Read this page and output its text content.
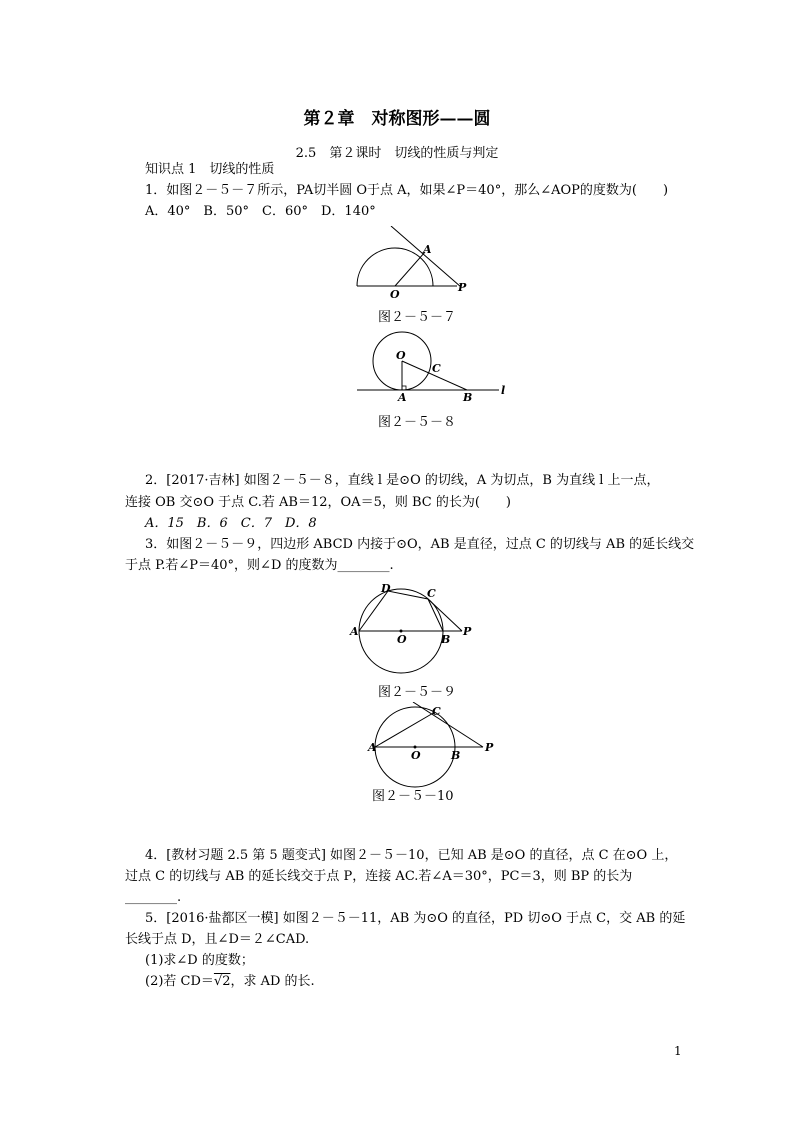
第２章　对称图形——圆
2.5　第２课时　切线的性质与判定
知识点 1　切线的性质
1．如图２－５－７所示，PA切半圆 O于点 A，如果∠P＝40°，那么∠AOP的度数为(　　)
A．40°　B．50°　C．60°　D．140°
A
O
P
图２－５－７
O
C
A	B
l
图２－５－８
2．[2017·吉林] 如图２－５－８，直线 l 是⊙O 的切线，A 为切点，B 为直线 l 上一点，
连接 OB 交⊙O 于点 C.若 AB＝12，OA＝5，则 BC 的长为(　　)
A．15　B．6　C．7　D．8
3．如图２－５－９，四边形 ABCD 内接于⊙O，AB 是直径，过点 C 的切线与 AB 的延长线交
于点 P.若∠P＝40°，则∠D 的度数为________.
D	C
A
O	B
P
图２－５－９
C
A
O	B
P
图２－５－10
4．[教材习题 2.5 第 5 题变式] 如图２－５－10，已知 AB 是⊙O 的直径，点 C 在⊙O 上，
过点 C 的切线与 AB 的延长线交于点 P，连接 AC.若∠A＝30°，PC＝3，则 BP 的长为
________.
5．[2016·盐都区一模] 如图２－５－11，AB 为⊙O 的直径，PD 切⊙O 于点 C，交 AB 的延
长线于点 D，且∠D＝２∠CAD.
(1)求∠D 的度数；
(2)若 CD＝√2，求 AD 的长.
1
